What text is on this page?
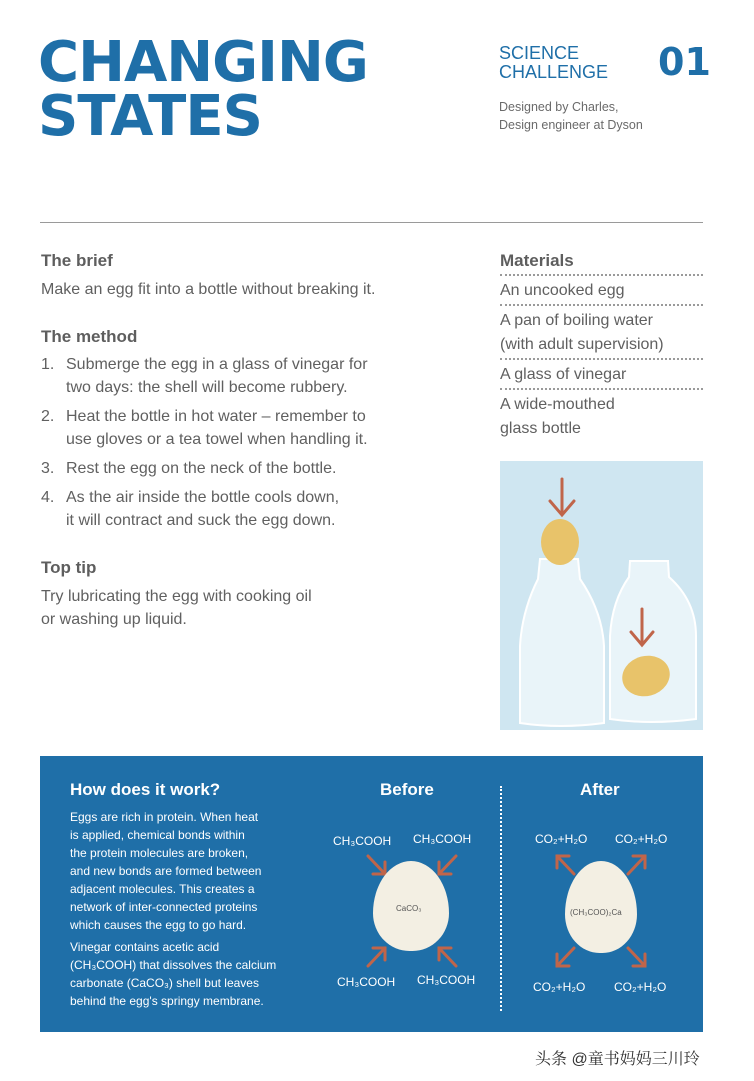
CHANGING
STATES
SCIENCE
CHALLENGE 01
Designed by Charles,
Design engineer at Dyson
The brief
Make an egg fit into a bottle without breaking it.
The method
1. Submerge the egg in a glass of vinegar for
two days: the shell will become rubbery.
2. Heat the bottle in hot water – remember to
use gloves or a tea towel when handling it.
3. Rest the egg on the neck of the bottle.
4. As the air inside the bottle cools down,
it will contract and suck the egg down.
Top tip
Try lubricating the egg with cooking oil
or washing up liquid.
Materials
An uncooked egg
A pan of boiling water
(with adult supervision)
A glass of vinegar
A wide-mouthed
glass bottle
How does it work?
Eggs are rich in protein. When heat
is applied, chemical bonds within
the protein molecules are broken,
and new bonds are formed between
adjacent molecules. This creates a
network of inter-connected proteins
which causes the egg to go hard.
Vinegar contains acetic acid
(CH₃COOH) that dissolves the calcium
carbonate (CaCO₃) shell but leaves
behind the egg's springy membrane.
Before
CH₃COOH CH₃COOH
CaCO₃
CH₃COOH CH₃COOH
After
CO₂+H₂O CO₂+H₂O
(CH₃COO)₂Ca
CO₂+H₂O CO₂+H₂O
头条 @童书妈妈三川玲
